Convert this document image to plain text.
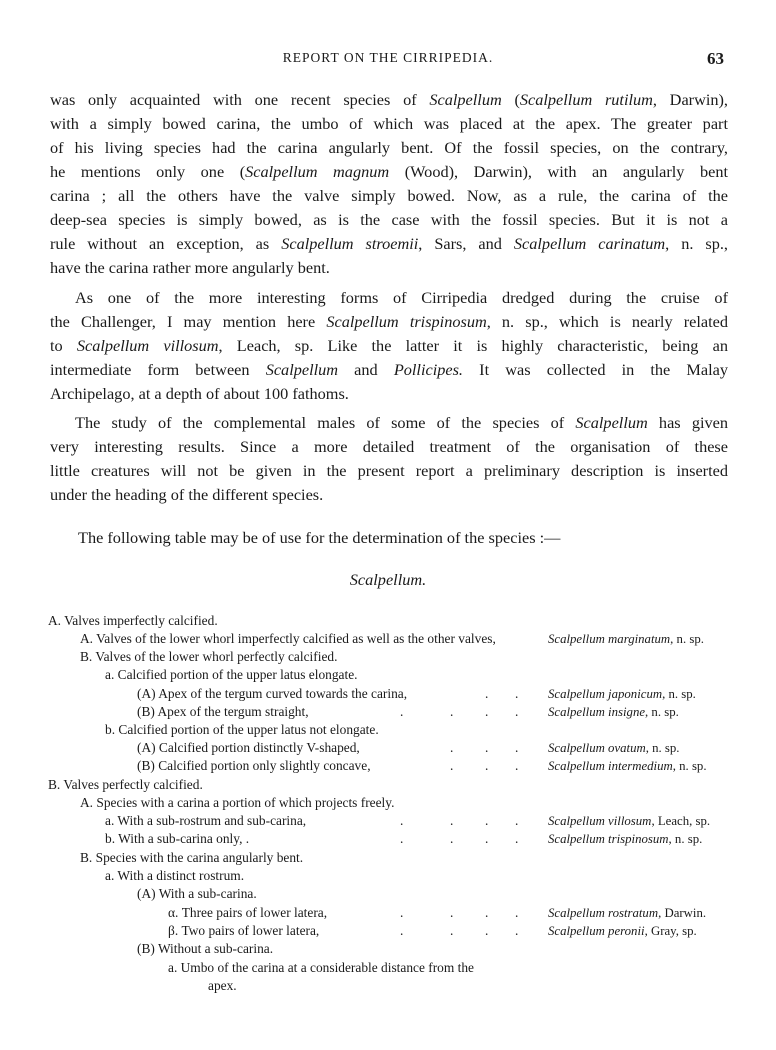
REPORT ON THE CIRRIPEDIA.	63
was only acquainted with one recent species of Scalpellum (Scalpellum rutilum, Darwin),
with a simply bowed carina, the umbo of which was placed at the apex. The greater part
of his living species had the carina angularly bent. Of the fossil species, on the contrary,
he mentions only one (Scalpellum magnum (Wood), Darwin), with an angularly bent
carina ; all the others have the valve simply bowed. Now, as a rule, the carina of the
deep-sea species is simply bowed, as is the case with the fossil species. But it is not a
rule without an exception, as Scalpellum stroemii, Sars, and Scalpellum carinatum, n. sp.,
have the carina rather more angularly bent.
As one of the more interesting forms of Cirripedia dredged during the cruise of
the Challenger, I may mention here Scalpellum trispinosum, n. sp., which is nearly related
to Scalpellum villosum, Leach, sp. Like the latter it is highly characteristic, being an
intermediate form between Scalpellum and Pollicipes. It was collected in the Malay
Archipelago, at a depth of about 100 fathoms.
The study of the complemental males of some of the species of Scalpellum has given
very interesting results. Since a more detailed treatment of the organisation of these
little creatures will not be given in the present report a preliminary description is inserted
under the heading of the different species.
The following table may be of use for the determination of the species :—
Scalpellum.
A. Valves imperfectly calcified.
A. Valves of the lower whorl imperfectly calcified as well as the other valves,	Scalpellum marginatum, n. sp.
B. Valves of the lower whorl perfectly calcified.
a. Calcified portion of the upper latus elongate.
(A) Apex of the tergum curved towards the carina,	. . Scalpellum japonicum, n. sp.
(B) Apex of the tergum straight,	.	. . . Scalpellum insigne, n. sp.
b. Calcified portion of the upper latus not elongate.
(A) Calcified portion distinctly V-shaped,	. . . Scalpellum ovatum, n. sp.
(B) Calcified portion only slightly concave,	. . . Scalpellum intermedium, n. sp.
B. Valves perfectly calcified.
A. Species with a carina a portion of which projects freely.
a. With a sub-rostrum and sub-carina,	.	. . . Scalpellum villosum, Leach, sp.
b. With a sub-carina only, .	.	. . . Scalpellum trispinosum, n. sp.
B. Species with the carina angularly bent.
a. With a distinct rostrum.
(A) With a sub-carina.
α. Three pairs of lower latera,	.	. . . Scalpellum rostratum, Darwin.
β. Two pairs of lower latera,	.	. . . Scalpellum peronii, Gray, sp.
(B) Without a sub-carina.
a. Umbo of the carina at a considerable distance from the
apex.
